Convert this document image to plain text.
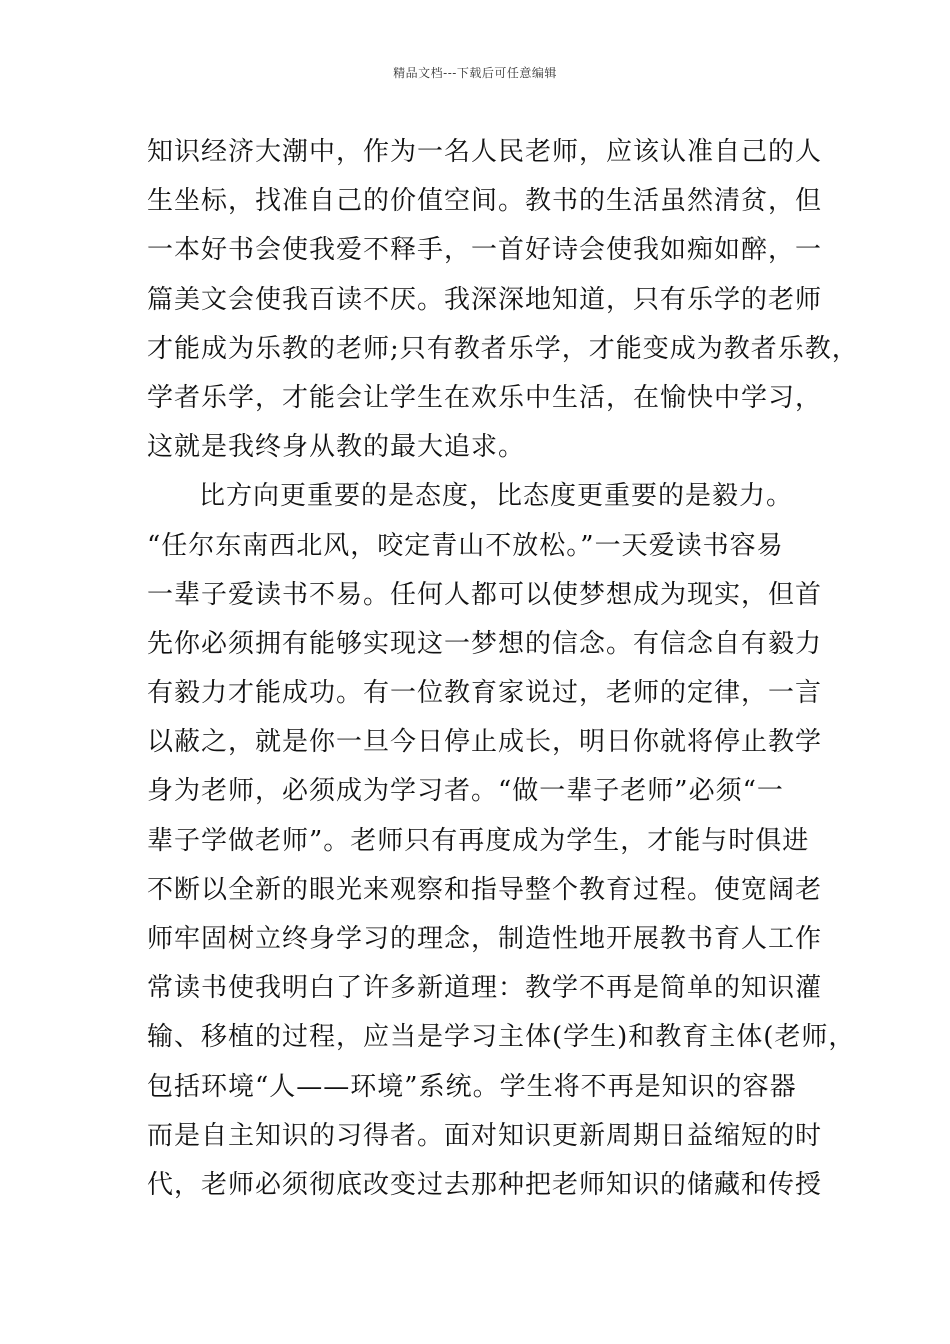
精品文档---下载后可任意编辑
知识经济大潮中，作为一名人民老师，应该认准自己的人
生坐标，找准自己的价值空间。教书的生活虽然清贫，但
一本好书会使我爱不释手，一首好诗会使我如痴如醉，一
篇美文会使我百读不厌。我深深地知道，只有乐学的老师
才能成为乐教的老师;只有教者乐学，才能变成为教者乐教，
学者乐学，才能会让学生在欢乐中生活，在愉快中学习，
这就是我终身从教的最大追求。
比方向更重要的是态度，比态度更重要的是毅力。
“任尔东南西北风，咬定青山不放松。”一天爱读书容易
一辈子爱读书不易。任何人都可以使梦想成为现实，但首
先你必须拥有能够实现这一梦想的信念。有信念自有毅力
有毅力才能成功。有一位教育家说过，老师的定律，一言
以蔽之，就是你一旦今日停止成长，明日你就将停止教学
身为老师，必须成为学习者。“做一辈子老师”必须“一
辈子学做老师”。老师只有再度成为学生，才能与时俱进
不断以全新的眼光来观察和指导整个教育过程。使宽阔老
师牢固树立终身学习的理念，制造性地开展教书育人工作
常读书使我明白了许多新道理：教学不再是简单的知识灌
输、移植的过程，应当是学习主体(学生)和教育主体(老师，
包括环境“人——环境”系统。学生将不再是知识的容器
而是自主知识的习得者。面对知识更新周期日益缩短的时
代，老师必须彻底改变过去那种把老师知识的储藏和传授
